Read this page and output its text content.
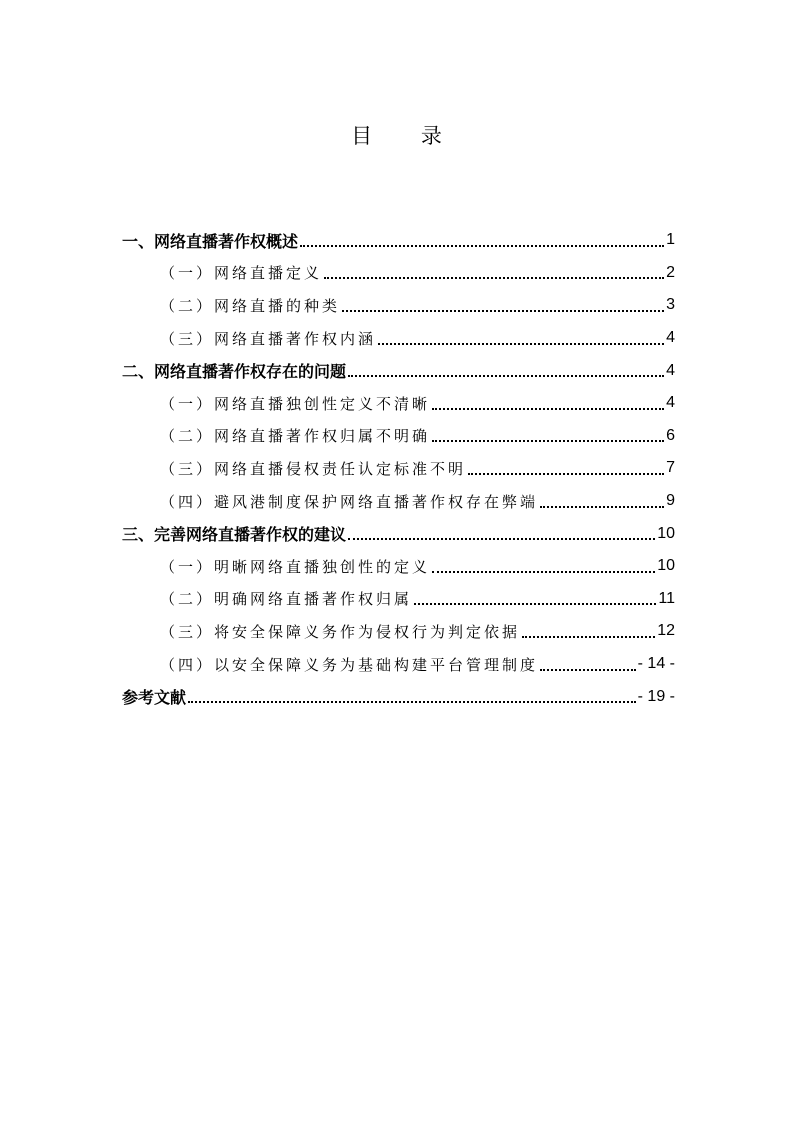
目 录
一、网络直播著作权概述	1
（一）网络直播定义	2
（二）网络直播的种类	3
（三）网络直播著作权内涵	4
二、网络直播著作权存在的问题	4
（一）网络直播独创性定义不清晰	4
（二）网络直播著作权归属不明确	6
（三）网络直播侵权责任认定标准不明	7
（四）避风港制度保护网络直播著作权存在弊端	9
三、完善网络直播著作权的建议	10
（一）明晰网络直播独创性的定义	10
（二）明确网络直播著作权归属	11
（三）将安全保障义务作为侵权行为判定依据	12
（四）以安全保障义务为基础构建平台管理制度	- 14 -
参考文献	- 19 -
